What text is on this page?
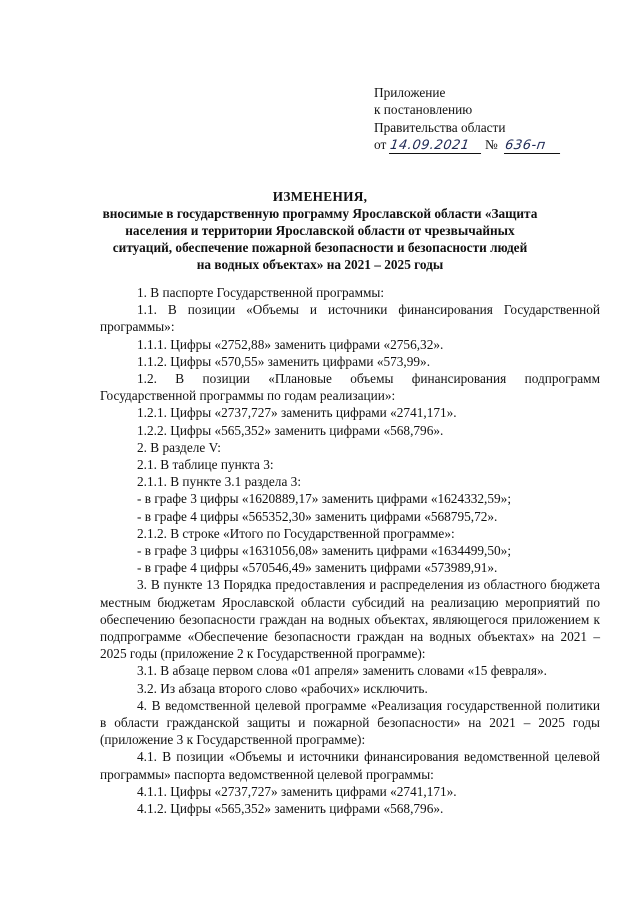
Приложение
к постановлению
Правительства области
от 14.09.2021 № 636-п
ИЗМЕНЕНИЯ,
вносимые в государственную программу Ярославской области «Защита
населения и территории Ярославской области от чрезвычайных
ситуаций, обеспечение пожарной безопасности и безопасности людей
на водных объектах» на 2021 – 2025 годы

1. В паспорте Государственной программы:

1.1. В позиции «Объемы и источники финансирования Государственной программы»:

1.1.1. Цифры «2752,88» заменить цифрами «2756,32».

1.1.2. Цифры «570,55» заменить цифрами «573,99».

1.2. В позиции «Плановые объемы финансирования подпрограмм Государственной программы по годам реализации»:

1.2.1. Цифры «2737,727» заменить цифрами «2741,171».

1.2.2. Цифры «565,352» заменить цифрами «568,796».

2. В разделе V:

2.1. В таблице пункта 3:

2.1.1. В пункте 3.1 раздела 3:

- в графе 3 цифры «1620889,17» заменить цифрами «1624332,59»;

- в графе 4 цифры «565352,30» заменить цифрами «568795,72».

2.1.2. В строке «Итого по Государственной программе»:

- в графе 3 цифры «1631056,08» заменить цифрами «1634499,50»;

- в графе 4 цифры «570546,49» заменить цифрами «573989,91».

3. В пункте 13 Порядка предоставления и распределения из областного бюджета местным бюджетам Ярославской области субсидий на реализацию мероприятий по обеспечению безопасности граждан на водных объектах, являющегося приложением к подпрограмме «Обеспечение безопасности граждан на водных объектах» на 2021 – 2025 годы (приложение 2 к Государственной программе):

3.1. В абзаце первом слова «01 апреля» заменить словами «15 февраля».

3.2. Из абзаца второго слово «рабочих» исключить.

4. В ведомственной целевой программе «Реализация государственной политики в области гражданской защиты и пожарной безопасности» на 2021 – 2025 годы (приложение 3 к Государственной программе):

4.1. В позиции «Объемы и источники финансирования ведомственной целевой программы» паспорта ведомственной целевой программы:

4.1.1. Цифры «2737,727» заменить цифрами «2741,171».

4.1.2. Цифры «565,352» заменить цифрами «568,796».
